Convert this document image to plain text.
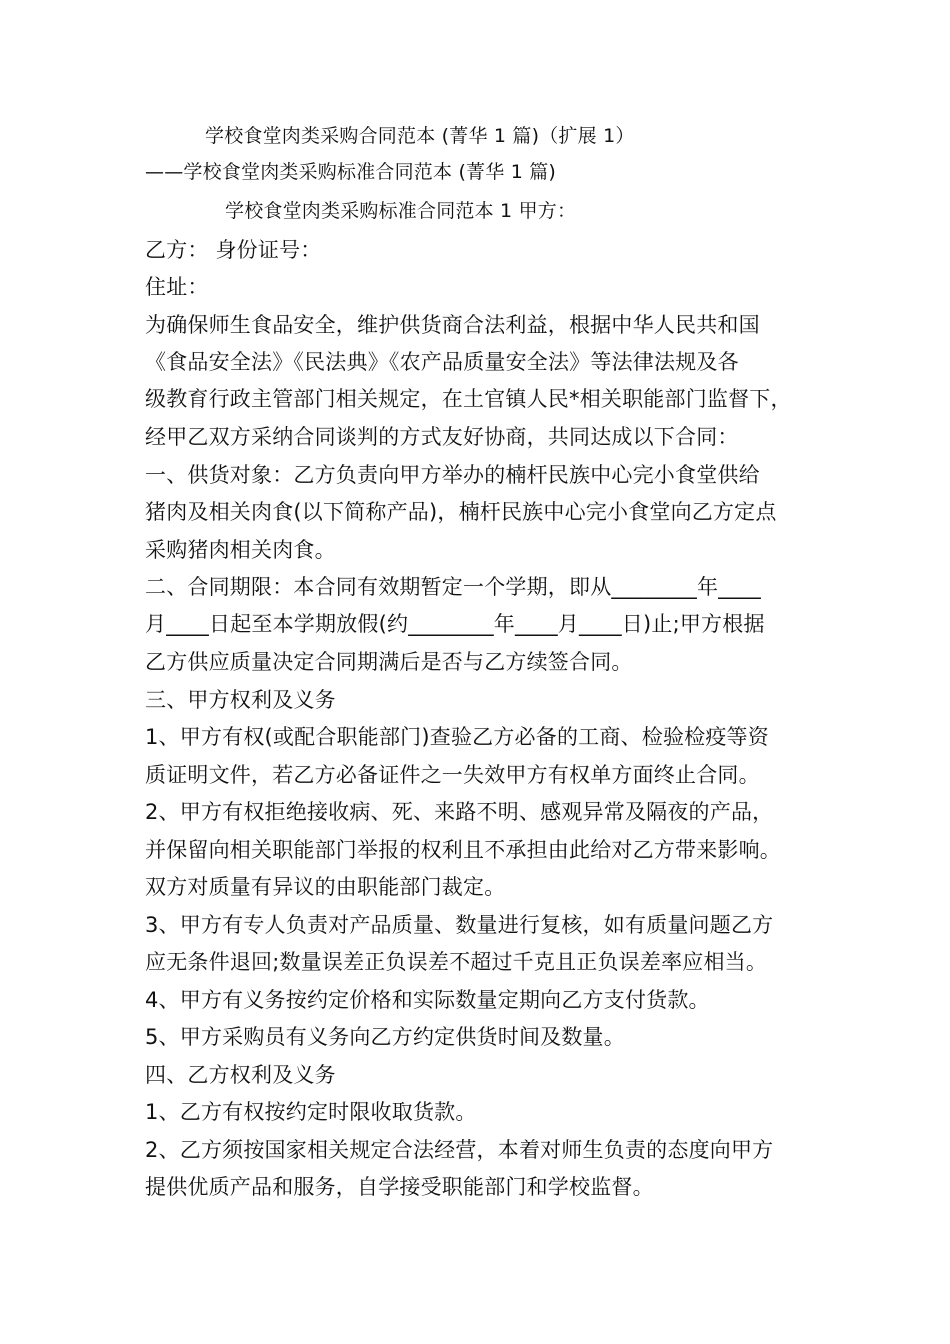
学校食堂肉类采购合同范本 (菁华 1 篇)（扩展 1）
——学校食堂肉类采购标准合同范本 (菁华 1 篇)
学校食堂肉类采购标准合同范本 1 甲方：
乙方： 身份证号：
住址：
为确保师生食品安全，维护供货商合法利益，根据中华人民共和国
《食品安全法》《民法典》《农产品质量安全法》等法律法规及各
级教育行政主管部门相关规定，在土官镇人民*相关职能部门监督下，
经甲乙双方采纳合同谈判的方式友好协商，共同达成以下合同：
一、供货对象：乙方负责向甲方举办的楠杆民族中心完小食堂供给
猪肉及相关肉食(以下简称产品)，楠杆民族中心完小食堂向乙方定点
采购猪肉相关肉食。
二、合同期限：本合同有效期暂定一个学期，即从________年____
月____日起至本学期放假(约________年____月____日)止;甲方根据
乙方供应质量决定合同期满后是否与乙方续签合同。
三、甲方权利及义务
1、甲方有权(或配合职能部门)查验乙方必备的工商、检验检疫等资
质证明文件，若乙方必备证件之一失效甲方有权单方面终止合同。
2、甲方有权拒绝接收病、死、来路不明、感观异常及隔夜的产品，
并保留向相关职能部门举报的权利且不承担由此给对乙方带来影响。
双方对质量有异议的由职能部门裁定。
3、甲方有专人负责对产品质量、数量进行复核，如有质量问题乙方
应无条件退回;数量误差正负误差不超过千克且正负误差率应相当。
4、甲方有义务按约定价格和实际数量定期向乙方支付货款。
5、甲方采购员有义务向乙方约定供货时间及数量。
四、乙方权利及义务
1、乙方有权按约定时限收取货款。
2、乙方须按国家相关规定合法经营，本着对师生负责的态度向甲方
提供优质产品和服务，自学接受职能部门和学校监督。
